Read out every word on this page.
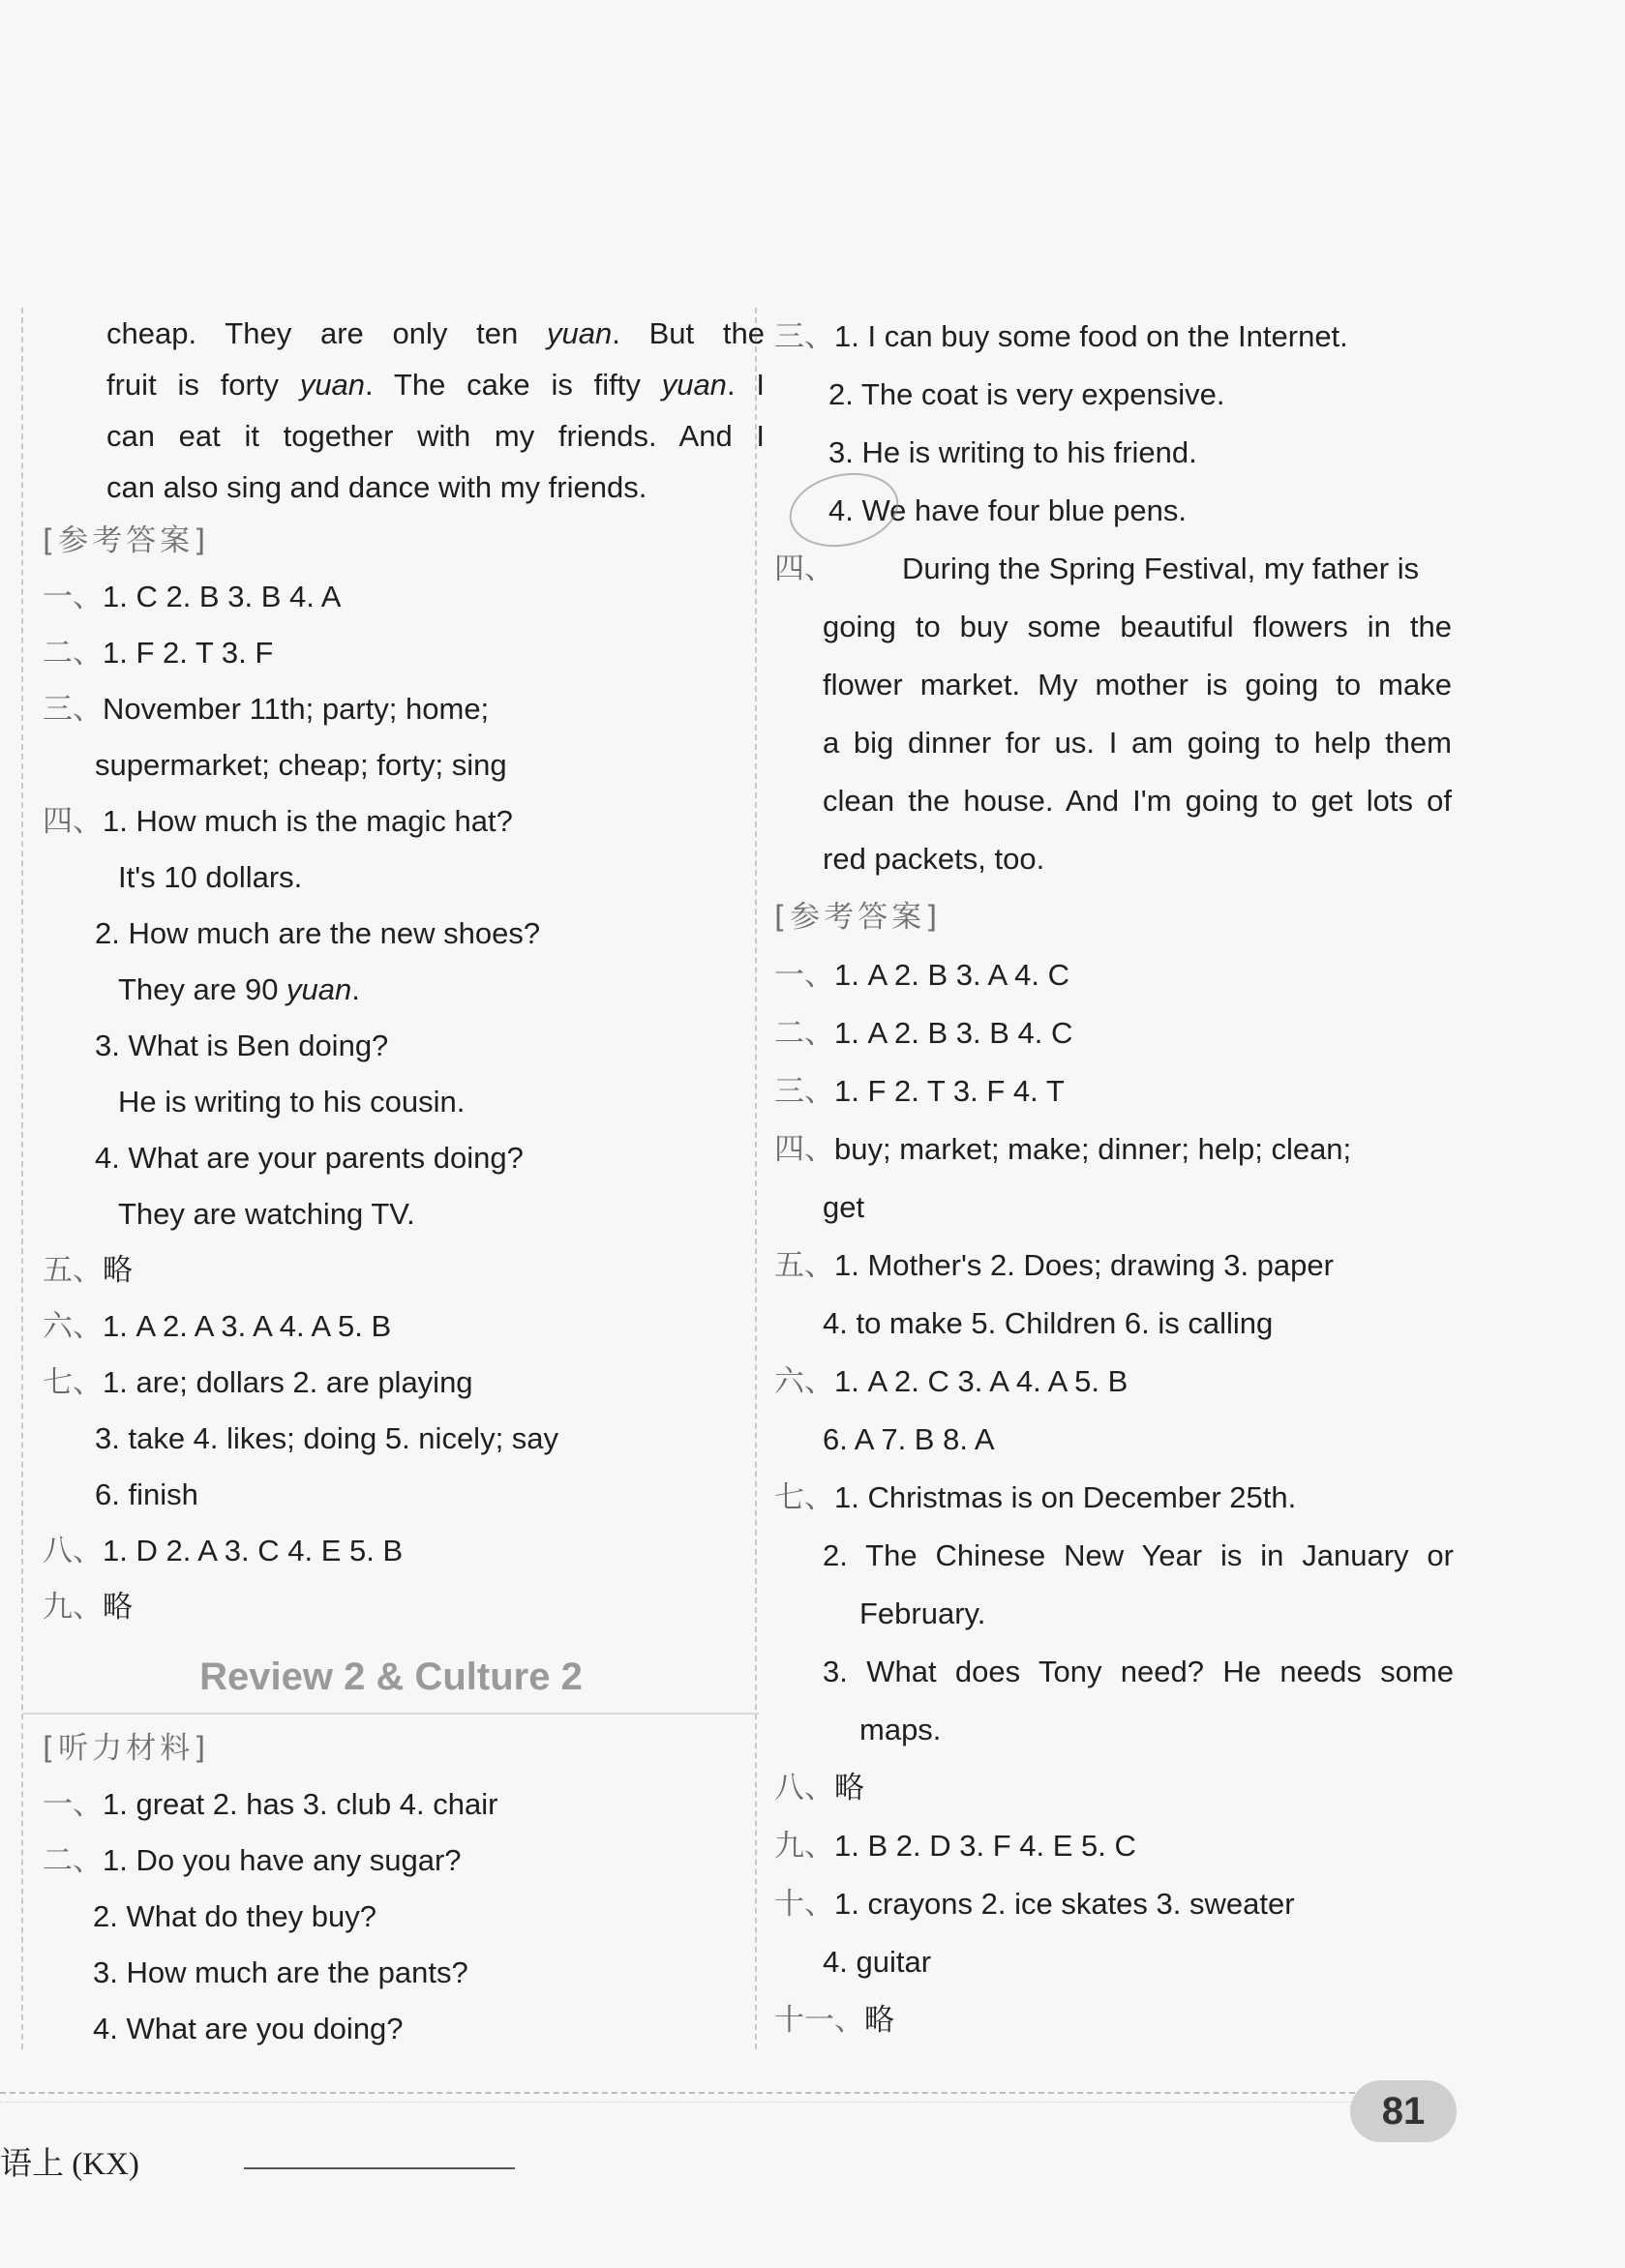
cheap. They are only ten yuan. But the
fruit is forty yuan. The cake is fifty yuan. I
can eat it together with my friends. And I
can also sing and dance with my friends.
[参考答案]
一、1. C 2. B 3. B 4. A
二、1. F 2. T 3. F
三、November 11th; party; home;
supermarket; cheap; forty; sing
四、1. How much is the magic hat?
It's 10 dollars.
2. How much are the new shoes?
They are 90 yuan.
3. What is Ben doing?
He is writing to his cousin.
4. What are your parents doing?
They are watching TV.
五、略
六、1. A 2. A 3. A 4. A 5. B
七、1. are; dollars 2. are playing
3. take 4. likes; doing 5. nicely; say
6. finish
八、1. D 2. A 3. C 4. E 5. B
九、略
Review 2 & Culture 2
[听力材料]
一、1. great 2. has 3. club 4. chair
二、1. Do you have any sugar?
2. What do they buy?
3. How much are the pants?
4. What are you doing?
三、1. I can buy some food on the Internet.
2. The coat is very expensive.
3. He is writing to his friend.
4. We have four blue pens.
四、 During the Spring Festival, my father is
going to buy some beautiful flowers in the
flower market. My mother is going to make
a big dinner for us. I am going to help them
clean the house. And I'm going to get lots of
red packets, too.
[参考答案]
一、1. A 2. B 3. A 4. C
二、1. A 2. B 3. B 4. C
三、1. F 2. T 3. F 4. T
四、buy; market; make; dinner; help; clean;
get
五、1. Mother's 2. Does; drawing 3. paper
4. to make 5. Children 6. is calling
六、1. A 2. C 3. A 4. A 5. B
6. A 7. B 8. A
七、1. Christmas is on December 25th.
2. The Chinese New Year is in January or
February.
3. What does Tony need? He needs some
maps.
八、略
九、1. B 2. D 3. F 4. E 5. C
十、1. crayons 2. ice skates 3. sweater
4. guitar
十一、略
语上 (KX)
81
